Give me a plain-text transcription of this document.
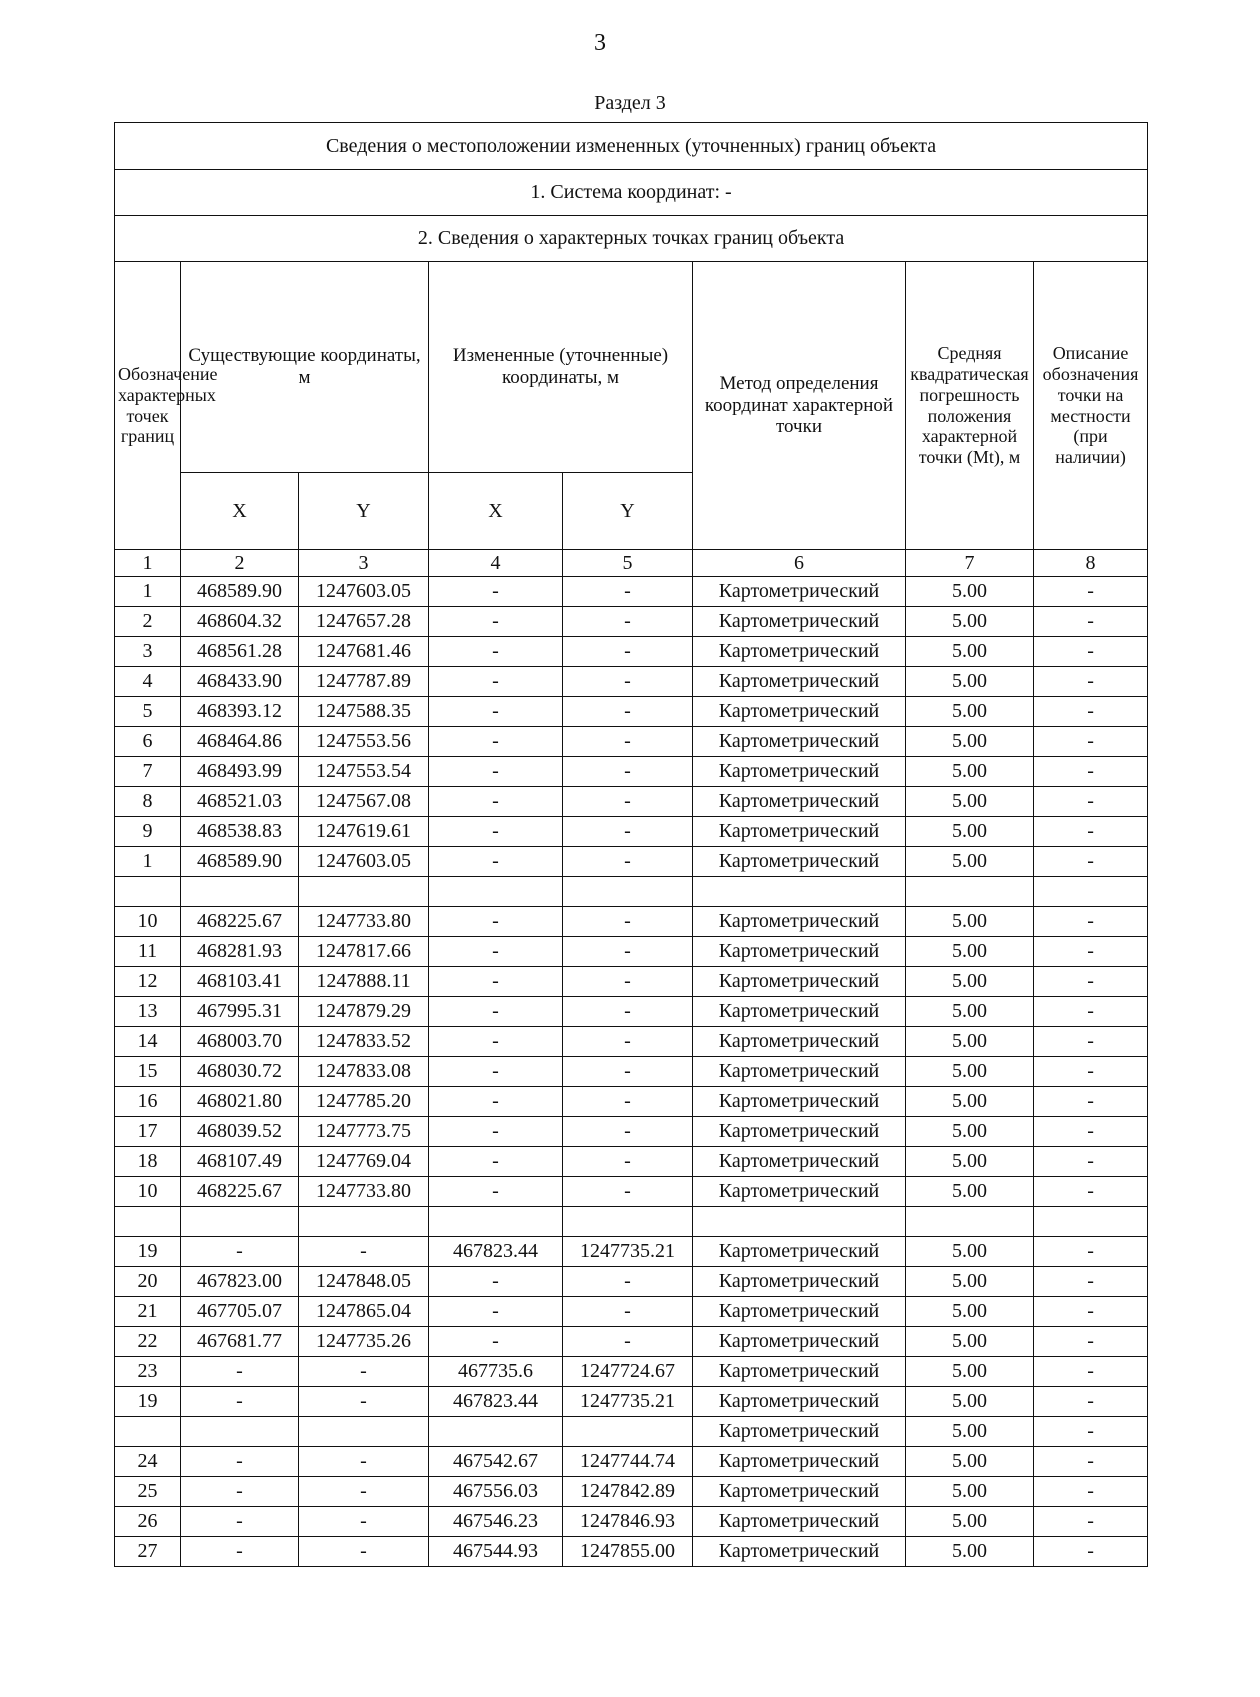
3
Раздел 3
Сведения о местоположении измененных (уточненных) границ объекта							
1. Система координат: -							
2. Сведения о характерных точках границ объекта							
Обозначение характерных точек границ	Существующие координаты, м		Измененные (уточненные) координаты, м		Метод определения координат характерной точки	Средняя квадратическая погрешность положения характерной точки (Mt), м	Описание обозначения точки на местности (при наличии)
	X	Y	X	Y			
1	2	3	4	5	6	7	8
1	468589.90	1247603.05	-	-	Картометрический	5.00	-
2	468604.32	1247657.28	-	-	Картометрический	5.00	-
3	468561.28	1247681.46	-	-	Картометрический	5.00	-
4	468433.90	1247787.89	-	-	Картометрический	5.00	-
5	468393.12	1247588.35	-	-	Картометрический	5.00	-
6	468464.86	1247553.56	-	-	Картометрический	5.00	-
7	468493.99	1247553.54	-	-	Картометрический	5.00	-
8	468521.03	1247567.08	-	-	Картометрический	5.00	-
9	468538.83	1247619.61	-	-	Картометрический	5.00	-
1	468589.90	1247603.05	-	-	Картометрический	5.00	-

10	468225.67	1247733.80	-	-	Картометрический	5.00	-
11	468281.93	1247817.66	-	-	Картометрический	5.00	-
12	468103.41	1247888.11	-	-	Картометрический	5.00	-
13	467995.31	1247879.29	-	-	Картометрический	5.00	-
14	468003.70	1247833.52	-	-	Картометрический	5.00	-
15	468030.72	1247833.08	-	-	Картометрический	5.00	-
16	468021.80	1247785.20	-	-	Картометрический	5.00	-
17	468039.52	1247773.75	-	-	Картометрический	5.00	-
18	468107.49	1247769.04	-	-	Картометрический	5.00	-
10	468225.67	1247733.80	-	-	Картометрический	5.00	-

19	-	-	467823.44	1247735.21	Картометрический	5.00	-
20	467823.00	1247848.05	-	-	Картометрический	5.00	-
21	467705.07	1247865.04	-	-	Картометрический	5.00	-
22	467681.77	1247735.26	-	-	Картометрический	5.00	-
23	-	-	467735.6	1247724.67	Картометрический	5.00	-
19	-	-	467823.44	1247735.21	Картометрический	5.00	-
					Картометрический	5.00	-
24	-	-	467542.67	1247744.74	Картометрический	5.00	-
25	-	-	467556.03	1247842.89	Картометрический	5.00	-
26	-	-	467546.23	1247846.93	Картометрический	5.00	-
27	-	-	467544.93	1247855.00	Картометрический	5.00	-
